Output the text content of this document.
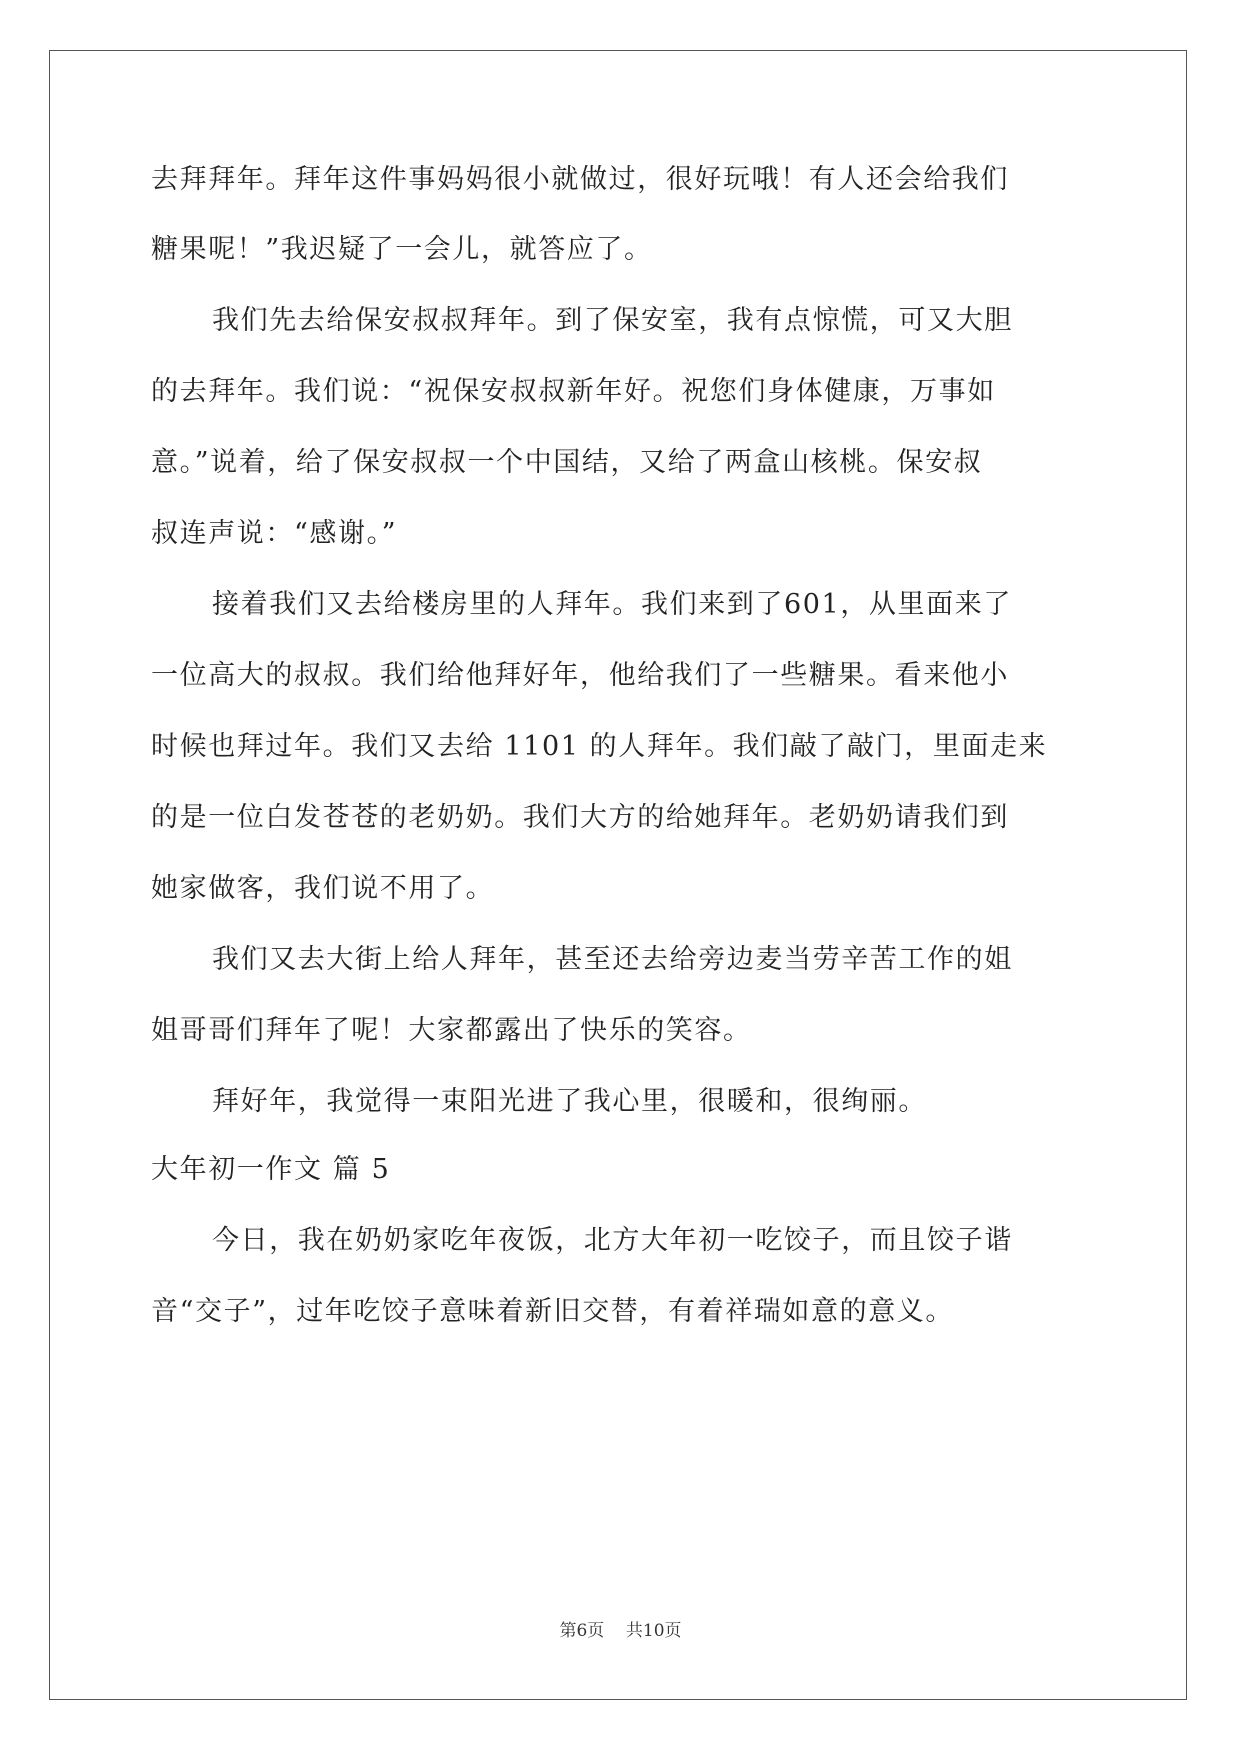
去拜拜年。拜年这件事妈妈很小就做过，很好玩哦！有人还会给我们
糖果呢！”我迟疑了一会儿，就答应了。
我们先去给保安叔叔拜年。到了保安室，我有点惊慌，可又大胆
的去拜年。我们说：“祝保安叔叔新年好。祝您们身体健康，万事如
意。”说着，给了保安叔叔一个中国结，又给了两盒山核桃。保安叔
叔连声说：“感谢。”
接着我们又去给楼房里的人拜年。我们来到了601，从里面来了
一位高大的叔叔。我们给他拜好年，他给我们了一些糖果。看来他小
时候也拜过年。我们又去给 1101 的人拜年。我们敲了敲门，里面走来
的是一位白发苍苍的老奶奶。我们大方的给她拜年。老奶奶请我们到
她家做客，我们说不用了。
我们又去大街上给人拜年，甚至还去给旁边麦当劳辛苦工作的姐
姐哥哥们拜年了呢！大家都露出了快乐的笑容。
拜好年，我觉得一束阳光进了我心里，很暖和，很绚丽。
大年初一作文 篇 5
今日，我在奶奶家吃年夜饭，北方大年初一吃饺子，而且饺子谐
音“交子”，过年吃饺子意味着新旧交替，有着祥瑞如意的意义。
第6页 共10页
